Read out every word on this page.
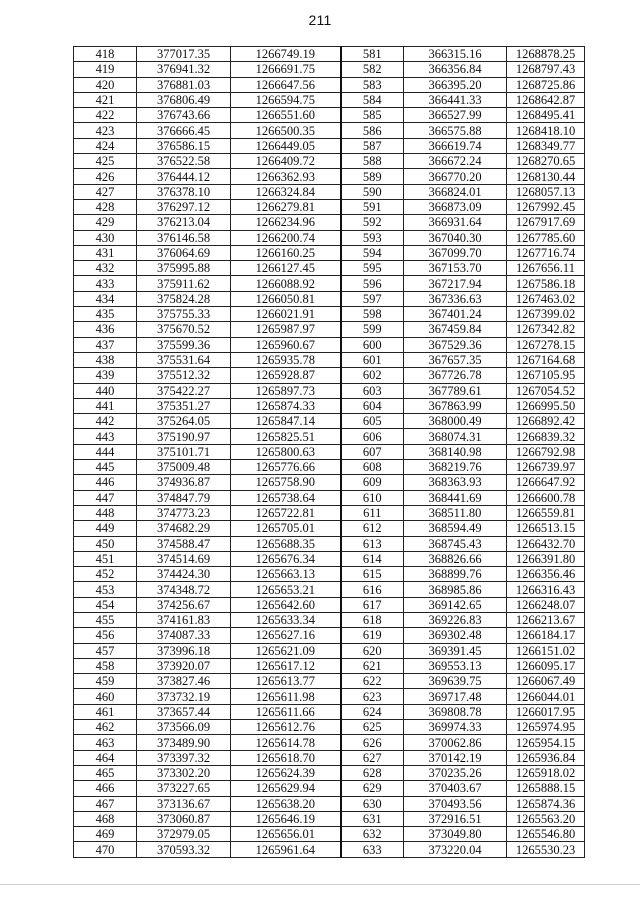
211
418	377017.35	1266749.19	581	366315.16	1268878.25
419	376941.32	1266691.75	582	366356.84	1268797.43
420	376881.03	1266647.56	583	366395.20	1268725.86
421	376806.49	1266594.75	584	366441.33	1268642.87
422	376743.66	1266551.60	585	366527.99	1268495.41
423	376666.45	1266500.35	586	366575.88	1268418.10
424	376586.15	1266449.05	587	366619.74	1268349.77
425	376522.58	1266409.72	588	366672.24	1268270.65
426	376444.12	1266362.93	589	366770.20	1268130.44
427	376378.10	1266324.84	590	366824.01	1268057.13
428	376297.12	1266279.81	591	366873.09	1267992.45
429	376213.04	1266234.96	592	366931.64	1267917.69
430	376146.58	1266200.74	593	367040.30	1267785.60
431	376064.69	1266160.25	594	367099.70	1267716.74
432	375995.88	1266127.45	595	367153.70	1267656.11
433	375911.62	1266088.92	596	367217.94	1267586.18
434	375824.28	1266050.81	597	367336.63	1267463.02
435	375755.33	1266021.91	598	367401.24	1267399.02
436	375670.52	1265987.97	599	367459.84	1267342.82
437	375599.36	1265960.67	600	367529.36	1267278.15
438	375531.64	1265935.78	601	367657.35	1267164.68
439	375512.32	1265928.87	602	367726.78	1267105.95
440	375422.27	1265897.73	603	367789.61	1267054.52
441	375351.27	1265874.33	604	367863.99	1266995.50
442	375264.05	1265847.14	605	368000.49	1266892.42
443	375190.97	1265825.51	606	368074.31	1266839.32
444	375101.71	1265800.63	607	368140.98	1266792.98
445	375009.48	1265776.66	608	368219.76	1266739.97
446	374936.87	1265758.90	609	368363.93	1266647.92
447	374847.79	1265738.64	610	368441.69	1266600.78
448	374773.23	1265722.81	611	368511.80	1266559.81
449	374682.29	1265705.01	612	368594.49	1266513.15
450	374588.47	1265688.35	613	368745.43	1266432.70
451	374514.69	1265676.34	614	368826.66	1266391.80
452	374424.30	1265663.13	615	368899.76	1266356.46
453	374348.72	1265653.21	616	368985.86	1266316.43
454	374256.67	1265642.60	617	369142.65	1266248.07
455	374161.83	1265633.34	618	369226.83	1266213.67
456	374087.33	1265627.16	619	369302.48	1266184.17
457	373996.18	1265621.09	620	369391.45	1266151.02
458	373920.07	1265617.12	621	369553.13	1266095.17
459	373827.46	1265613.77	622	369639.75	1266067.49
460	373732.19	1265611.98	623	369717.48	1266044.01
461	373657.44	1265611.66	624	369808.78	1266017.95
462	373566.09	1265612.76	625	369974.33	1265974.95
463	373489.90	1265614.78	626	370062.86	1265954.15
464	373397.32	1265618.70	627	370142.19	1265936.84
465	373302.20	1265624.39	628	370235.26	1265918.02
466	373227.65	1265629.94	629	370403.67	1265888.15
467	373136.67	1265638.20	630	370493.56	1265874.36
468	373060.87	1265646.19	631	372916.51	1265563.20
469	372979.05	1265656.01	632	373049.80	1265546.80
470	370593.32	1265961.64	633	373220.04	1265530.23
